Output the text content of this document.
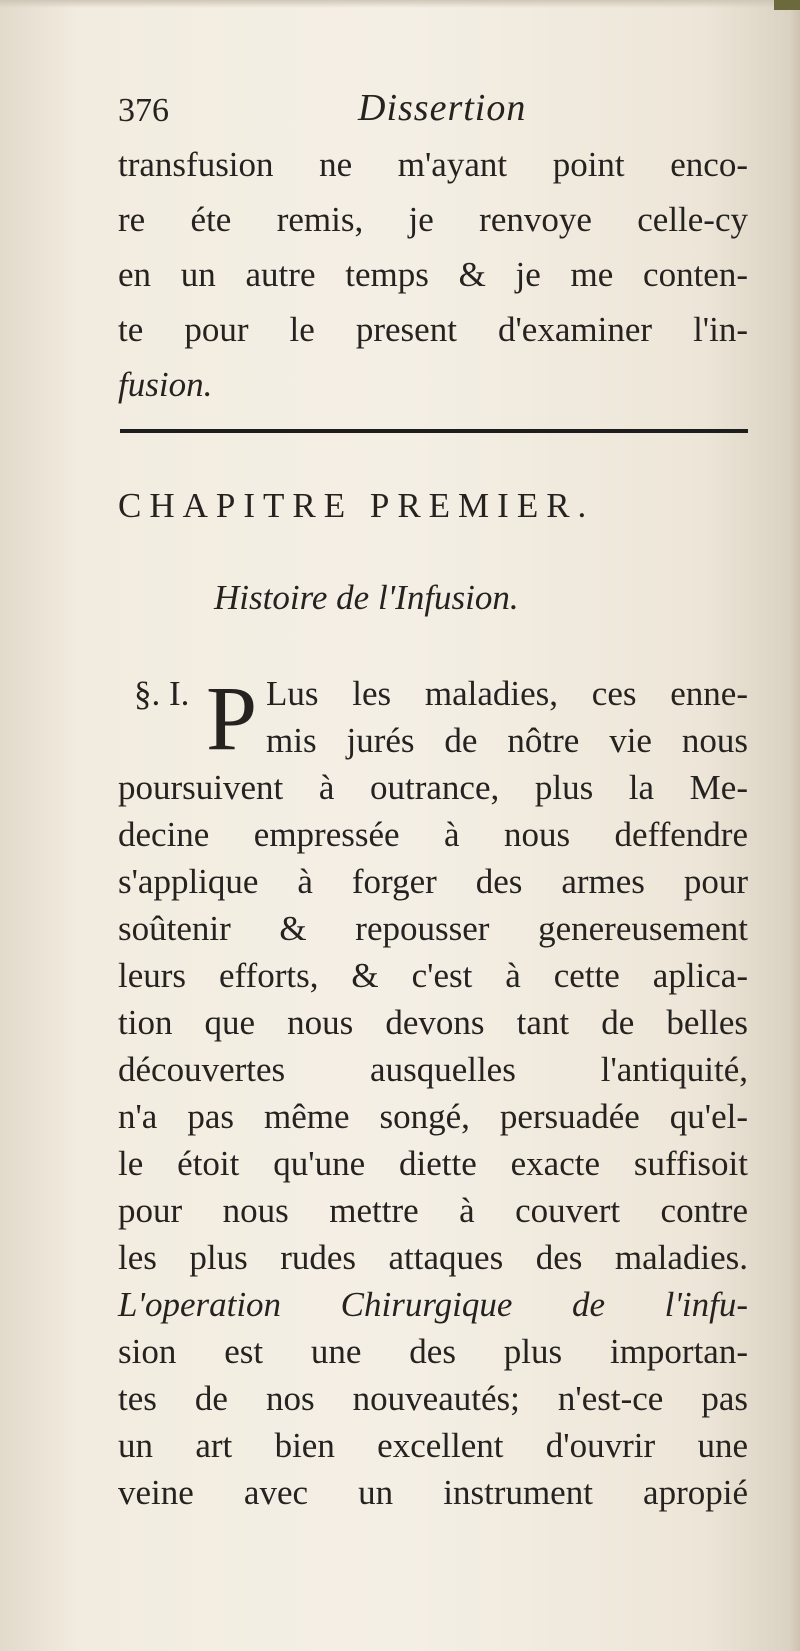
376	Dissertion
transfusion ne m'ayant point enco-
re éte remis, je renvoye celle-cy
en un autre temps & je me conten-
te pour le present d'examiner l'in-
fusion.
CHAPITRE PREMIER.
Histoire de l'Infusion.
§. I. P Lus les maladies, ces enne-
mis jurés de nôtre vie nous
poursuivent à outrance, plus la Me-
decine empressée à nous deffendre
s'applique à forger des armes pour
soûtenir & repousser genereusement
leurs efforts, & c'est à cette aplica-
tion que nous devons tant de belles
découvertes ausquelles l'antiquité,
n'a pas même songé, persuadée qu'el-
le étoit qu'une diette exacte suffisoit
pour nous mettre à couvert contre
les plus rudes attaques des maladies.
L'operation Chirurgique de l'infu-
sion est une des plus importan-
tes de nos nouveautés; n'est-ce pas
un art bien excellent d'ouvrir une
veine avec un instrument apropié
